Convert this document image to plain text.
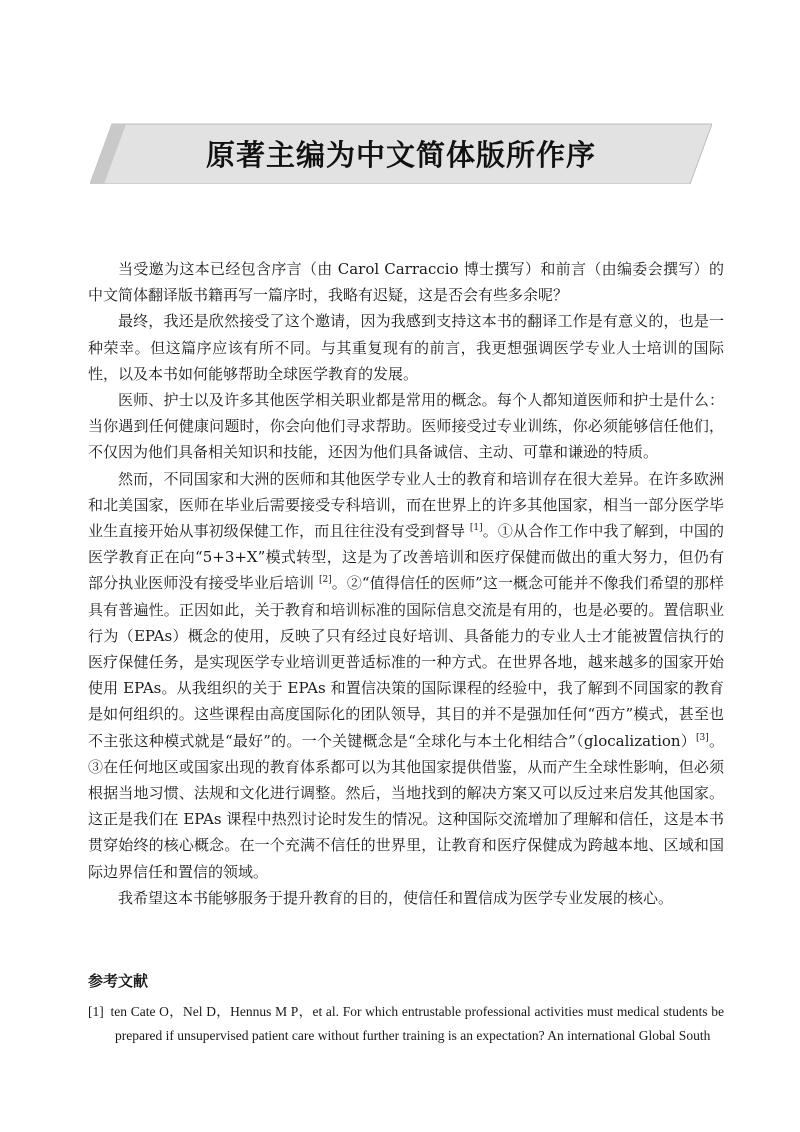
原著主编为中文简体版所作序

当受邀为这本已经包含序言（由 Carol Carraccio 博士撰写）和前言（由编委会撰写）的中文简体翻译版书籍再写一篇序时，我略有迟疑，这是否会有些多余呢？

最终，我还是欣然接受了这个邀请，因为我感到支持这本书的翻译工作是有意义的，也是一种荣幸。但这篇序应该有所不同。与其重复现有的前言，我更想强调医学专业人士培训的国际性，以及本书如何能够帮助全球医学教育的发展。

医师、护士以及许多其他医学相关职业都是常用的概念。每个人都知道医师和护士是什么：当你遇到任何健康问题时，你会向他们寻求帮助。医师接受过专业训练，你必须能够信任他们，不仅因为他们具备相关知识和技能，还因为他们具备诚信、主动、可靠和谦逊的特质。

然而，不同国家和大洲的医师和其他医学专业人士的教育和培训存在很大差异。在许多欧洲和北美国家，医师在毕业后需要接受专科培训，而在世界上的许多其他国家，相当一部分医学毕业生直接开始从事初级保健工作，而且往往没有受到督导 [1]。①从合作工作中我了解到，中国的医学教育正在向“5+3+X”模式转型，这是为了改善培训和医疗保健而做出的重大努力，但仍有部分执业医师没有接受毕业后培训 [2]。②“值得信任的医师”这一概念可能并不像我们希望的那样具有普遍性。正因如此，关于教育和培训标准的国际信息交流是有用的，也是必要的。置信职业行为（EPAs）概念的使用，反映了只有经过良好培训、具备能力的专业人士才能被置信执行的医疗保健任务，是实现医学专业培训更普适标准的一种方式。在世界各地，越来越多的国家开始使用 EPAs。从我组织的关于 EPAs 和置信决策的国际课程的经验中，我了解到不同国家的教育是如何组织的。这些课程由高度国际化的团队领导，其目的并不是强加任何“西方”模式，甚至也不主张这种模式就是“最好”的。一个关键概念是“全球化与本土化相结合”（glocalization）[3]。③在任何地区或国家出现的教育体系都可以为其他国家提供借鉴，从而产生全球性影响，但必须根据当地习惯、法规和文化进行调整。然后，当地找到的解决方案又可以反过来启发其他国家。这正是我们在 EPAs 课程中热烈讨论时发生的情况。这种国际交流增加了理解和信任，这是本书贯穿始终的核心概念。在一个充满不信任的世界里，让教育和医疗保健成为跨越本地、区域和国际边界信任和置信的领域。

我希望这本书能够服务于提升教育的目的，使信任和置信成为医学专业发展的核心。

参考文献
[1] ten Cate O，Nel D，Hennus M P，et al. For which entrustable professional activities must medical students be prepared if unsupervised patient care without further training is an expectation? An international Global South
